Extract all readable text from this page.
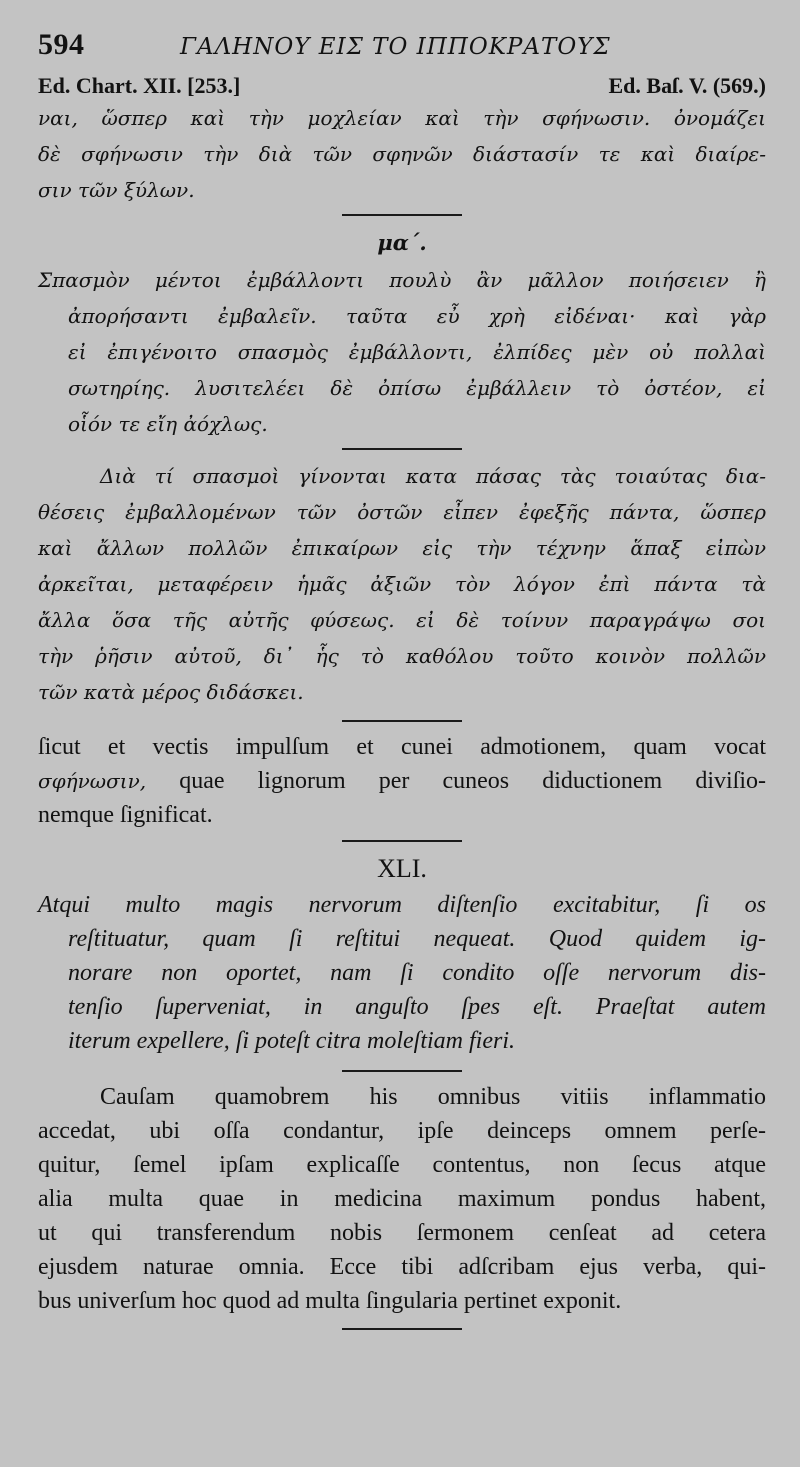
594	ΓΑΛΗΝΟΥ ΕΙΣ ΤΟ ΙΠΠΟΚΡΑΤΟΥΣ
Ed. Chart. XII. [253.]	Ed. Baſ. V. (569.)
ναι, ὥσπερ καὶ τὴν μοχλείαν καὶ τὴν σφήνωσιν. ὀνομάζει
δὲ σφήνωσιν τὴν διὰ τῶν σφηνῶν διάστασίν τε καὶ διαίρε-
σιν τῶν ξύλων.
μα΄.
Σπασμὸν μέντοι ἐμβάλλοντι πουλὺ ἂν μᾶλλον ποιήσειεν ἢ
ἀπορήσαντι ἐμβαλεῖν. ταῦτα εὖ χρὴ εἰδέναι· καὶ γὰρ
εἰ ἐπιγένοιτο σπασμὸς ἐμβάλλοντι, ἐλπίδες μὲν οὐ πολλαὶ
σωτηρίης. λυσιτελέει δὲ ὀπίσω ἐμβάλλειν τὸ ὀστέον, εἰ
οἷόν τε εἴη ἀόχλως.
Διὰ τί σπασμοὶ γίνονται κατα πάσας τὰς τοιαύτας δια-
θέσεις ἐμβαλλομένων τῶν ὀστῶν εἶπεν ἐφεξῆς πάντα, ὥσπερ
καὶ ἄλλων πολλῶν ἐπικαίρων εἰς τὴν τέχνην ἅπαξ εἰπὼν
ἀρκεῖται, μεταφέρειν ἡμᾶς ἀξιῶν τὸν λόγον ἐπὶ πάντα τὰ
ἄλλα ὅσα τῆς αὐτῆς φύσεως. εἰ δὲ τοίνυν παραγράψω σοι
τὴν ῥῆσιν αὐτοῦ, δι᾽ ἧς τὸ καθόλου τοῦτο κοινὸν πολλῶν
τῶν κατὰ μέρος διδάσκει.
ſicut et vectis impulſum et cunei admotionem, quam vocat
σφήνωσιν, quae lignorum per cuneos diductionem diviſio-
nemque ſignificat.
XLI.
Atqui multo magis nervorum diſtenſio excitabitur, ſi os
reſtituatur, quam ſi reſtitui nequeat. Quod quidem ig-
norare non oportet, nam ſi condito oſſe nervorum dis-
tenſio ſuperveniat, in anguſto ſpes eſt. Praeſtat autem
iterum expellere, ſi poteſt citra moleſtiam fieri.
Cauſam quamobrem his omnibus vitiis inflammatio
accedat, ubi oſſa condantur, ipſe deinceps omnem perſe-
quitur, ſemel ipſam explicaſſe contentus, non ſecus atque
alia multa quae in medicina maximum pondus habent,
ut qui transferendum nobis ſermonem cenſeat ad cetera
ejusdem naturae omnia. Ecce tibi adſcribam ejus verba, qui-
bus univerſum hoc quod ad multa ſingularia pertinet exponit.
